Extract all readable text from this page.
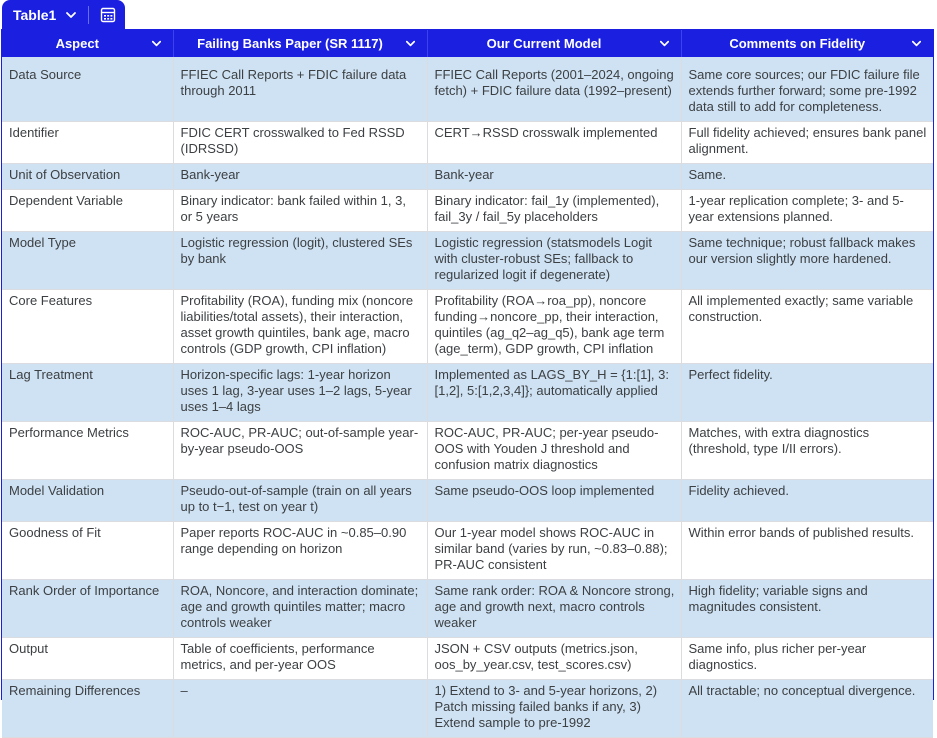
Table1
Aspect	Failing Banks Paper (SR 1117)	Our Current Model	Comments on Fidelity

Data Source	FFIEC Call Reports + FDIC failure data through 2011	FFIEC Call Reports (2001–2024, ongoing fetch) + FDIC failure data (1992–present)	Same core sources; our FDIC failure file extends further forward; some pre-1992 data still to add for completeness.
Identifier	FDIC CERT crosswalked to Fed RSSD (IDRSSD)	CERT→RSSD crosswalk implemented	Full fidelity achieved; ensures bank panel alignment.
Unit of Observation	Bank-year	Bank-year	Same.
Dependent Variable	Binary indicator: bank failed within 1, 3, or 5 years	Binary indicator: fail_1y (implemented), fail_3y / fail_5y placeholders	1-year replication complete; 3- and 5-year extensions planned.
Model Type	Logistic regression (logit), clustered SEs by bank	Logistic regression (statsmodels Logit with cluster-robust SEs; fallback to regularized logit if degenerate)	Same technique; robust fallback makes our version slightly more hardened.
Core Features	Profitability (ROA), funding mix (noncore liabilities/total assets), their interaction, asset growth quintiles, bank age, macro controls (GDP growth, CPI inflation)	Profitability (ROA→roa_pp), noncore funding→noncore_pp, their interaction, quintiles (ag_q2–ag_q5), bank age term (age_term), GDP growth, CPI inflation	All implemented exactly; same variable construction.
Lag Treatment	Horizon-specific lags: 1-year horizon uses 1 lag, 3-year uses 1–2 lags, 5-year uses 1–4 lags	Implemented as LAGS_BY_H = {1:[1], 3:[1,2], 5:[1,2,3,4]}; automatically applied	Perfect fidelity.
Performance Metrics	ROC-AUC, PR-AUC; out-of-sample year-by-year pseudo-OOS	ROC-AUC, PR-AUC; per-year pseudo-OOS with Youden J threshold and confusion matrix diagnostics	Matches, with extra diagnostics (threshold, type I/II errors).
Model Validation	Pseudo-out-of-sample (train on all years up to t−1, test on year t)	Same pseudo-OOS loop implemented	Fidelity achieved.
Goodness of Fit	Paper reports ROC-AUC in ~0.85–0.90 range depending on horizon	Our 1-year model shows ROC-AUC in similar band (varies by run, ~0.83–0.88); PR-AUC consistent	Within error bands of published results.
Rank Order of Importance	ROA, Noncore, and interaction dominate; age and growth quintiles matter; macro controls weaker	Same rank order: ROA & Noncore strong, age and growth next, macro controls weaker	High fidelity; variable signs and magnitudes consistent.
Output	Table of coefficients, performance metrics, and per-year OOS	JSON + CSV outputs (metrics.json, oos_by_year.csv, test_scores.csv)	Same info, plus richer per-year diagnostics.
Remaining Differences	–	1) Extend to 3- and 5-year horizons, 2) Patch missing failed banks if any, 3) Extend sample to pre-1992	All tractable; no conceptual divergence.
